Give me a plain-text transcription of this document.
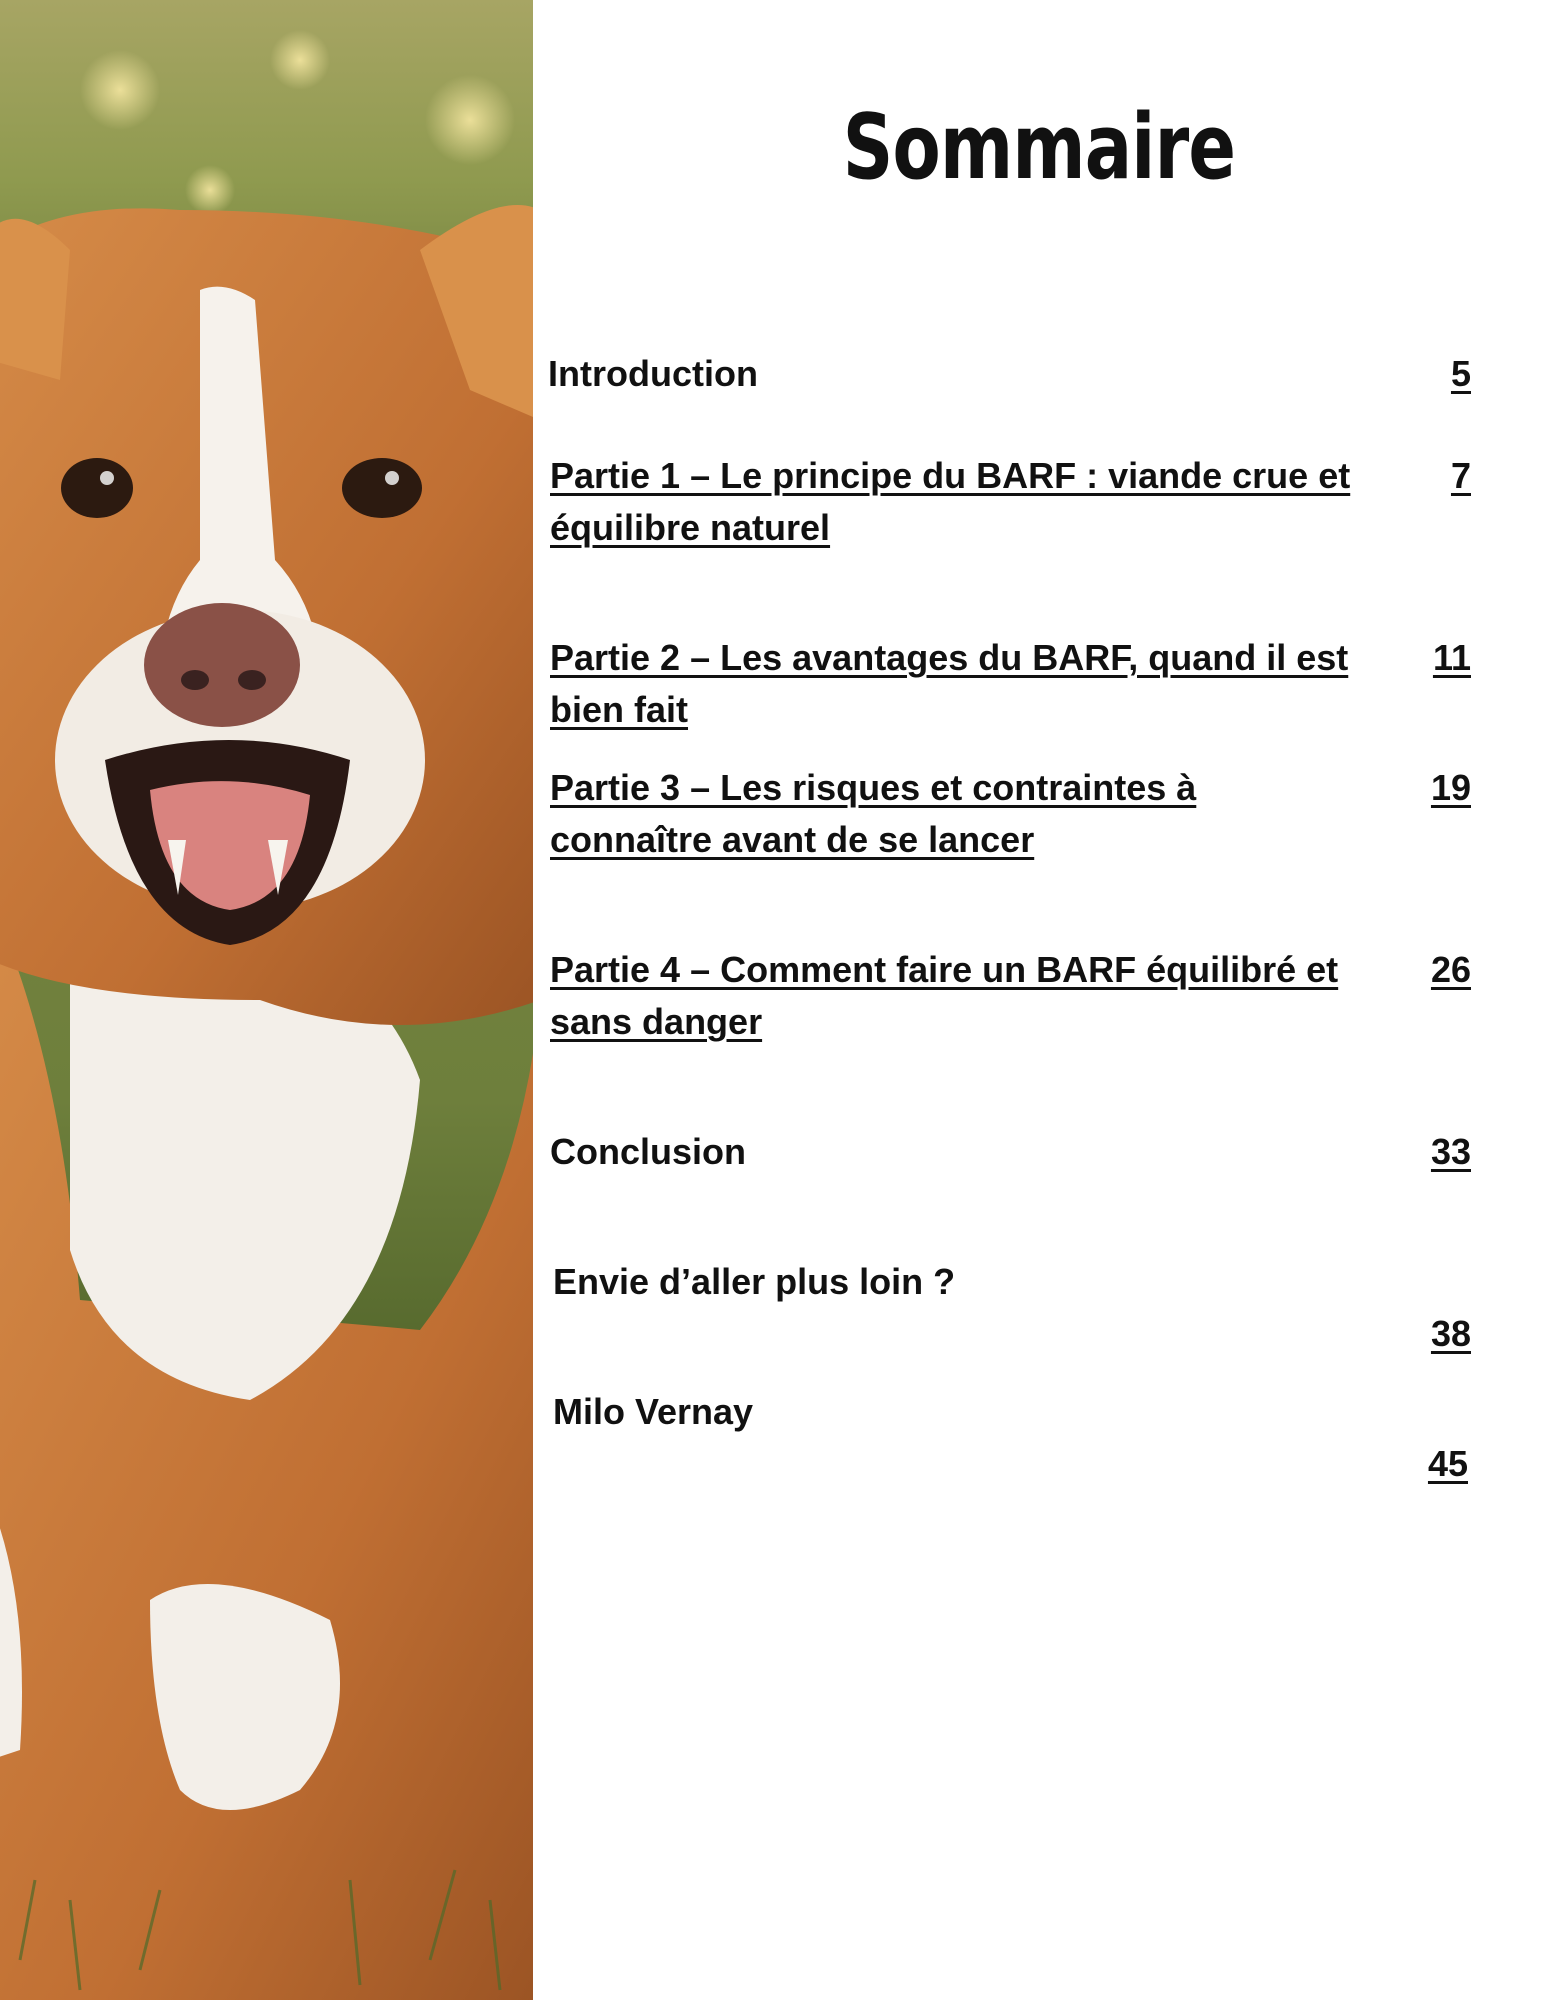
Sommaire

Introduction	5

Partie 1 – Le principe du BARF : viande crue et équilibre naturel

7

Partie 2 – Les avantages du BARF, quand il est bien fait

11

Partie 3 – Les risques et contraintes à connaître avant de se lancer

19

Partie 4 – Comment faire un BARF équilibré et sans danger

26

Conclusion	33

Envie d’aller plus loin ?

38

Milo Vernay

45
